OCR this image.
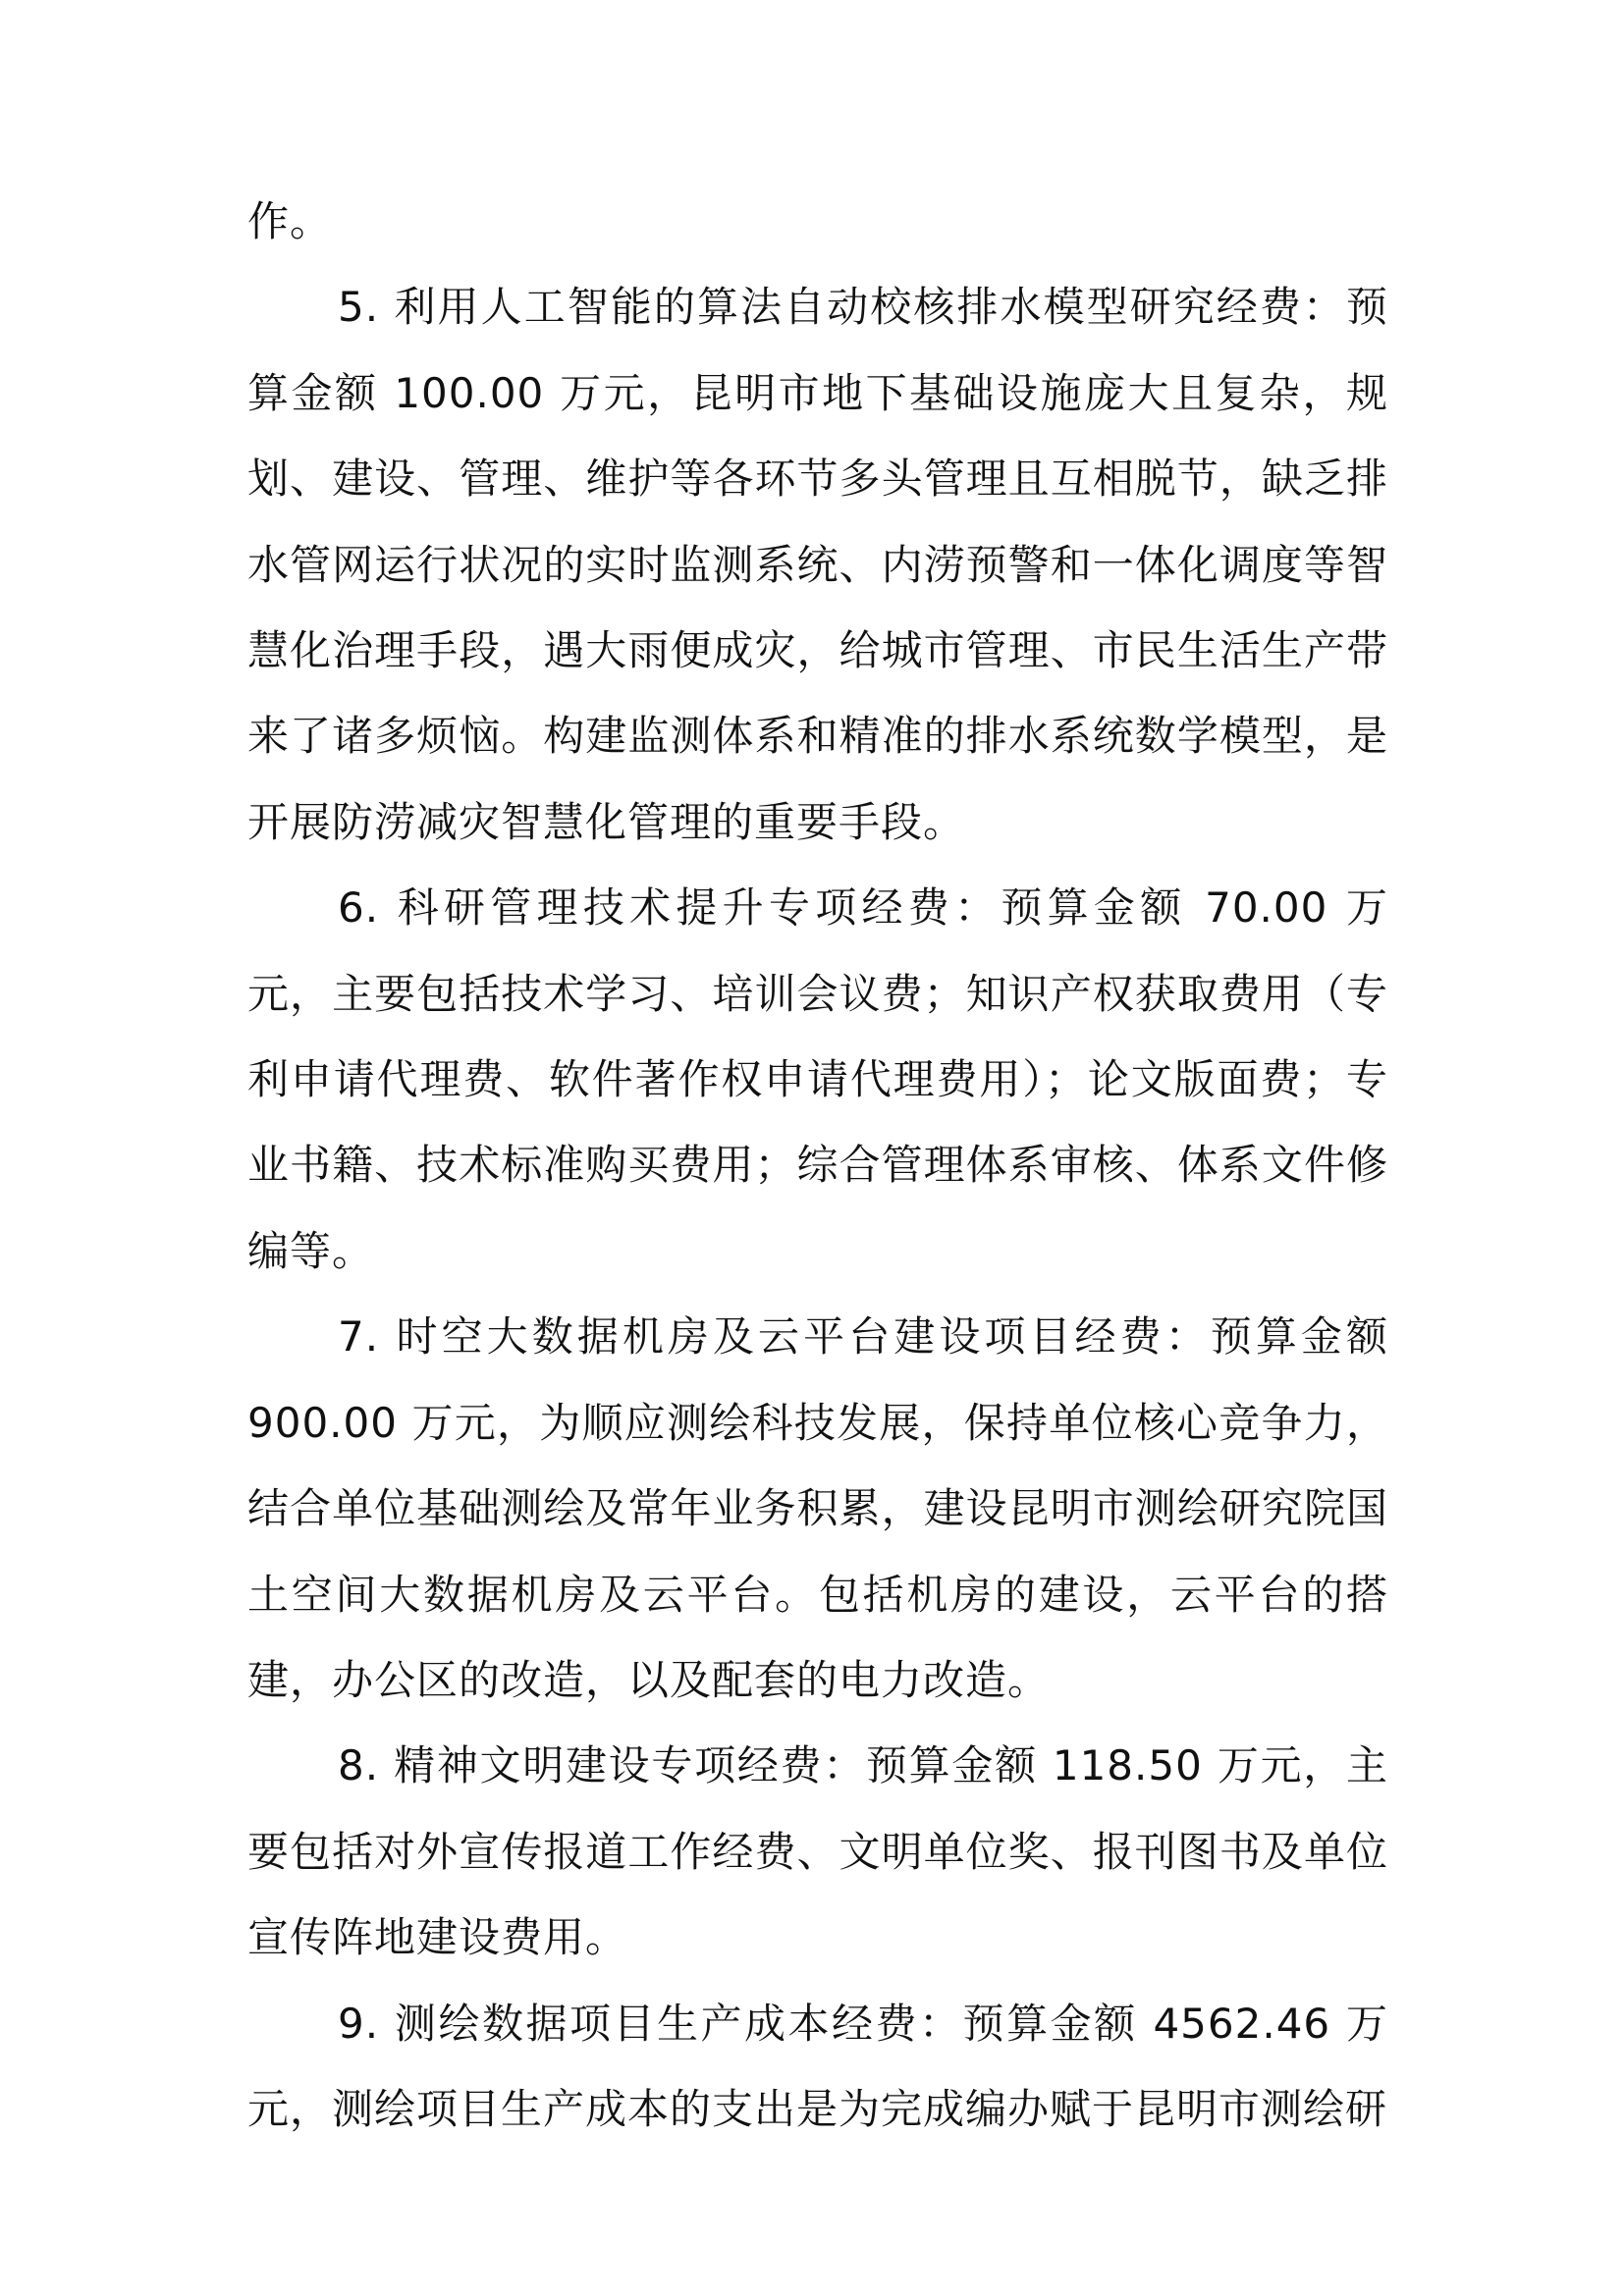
作。

5. 利用人工智能的算法自动校核排水模型研究经费：预算金额 100.00 万元，昆明市地下基础设施庞大且复杂，规划、建设、管理、维护等各环节多头管理且互相脱节，缺乏排水管网运行状况的实时监测系统、内涝预警和一体化调度等智慧化治理手段，遇大雨便成灾，给城市管理、市民生活生产带来了诸多烦恼。构建监测体系和精准的排水系统数学模型，是开展防涝减灾智慧化管理的重要手段。

6. 科研管理技术提升专项经费：预算金额 70.00 万元，主要包括技术学习、培训会议费；知识产权获取费用（专利申请代理费、软件著作权申请代理费用）；论文版面费；专业书籍、技术标准购买费用；综合管理体系审核、体系文件修编等。

7. 时空大数据机房及云平台建设项目经费：预算金额 900.00 万元，为顺应测绘科技发展，保持单位核心竞争力，结合单位基础测绘及常年业务积累，建设昆明市测绘研究院国土空间大数据机房及云平台。包括机房的建设，云平台的搭建，办公区的改造，以及配套的电力改造。

8. 精神文明建设专项经费：预算金额 118.50 万元，主要包括对外宣传报道工作经费、文明单位奖、报刊图书及单位宣传阵地建设费用。

9. 测绘数据项目生产成本经费：预算金额 4562.46 万元，测绘项目生产成本的支出是为完成编办赋于昆明市测绘研
